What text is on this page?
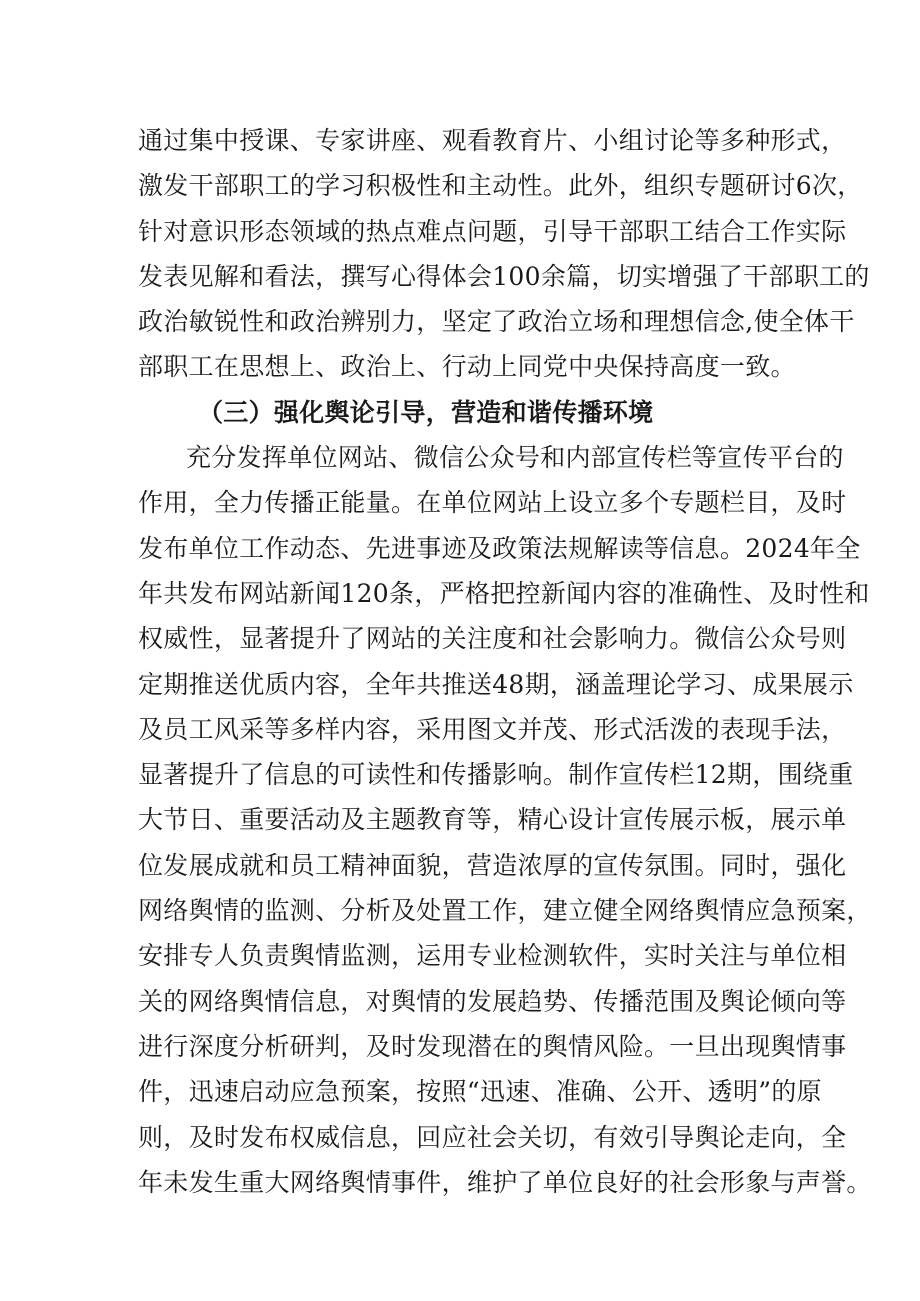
通过集中授课、专家讲座、观看教育片、小组讨论等多种形式，
激发干部职工的学习积极性和主动性。此外，组织专题研讨6次，
针对意识形态领域的热点难点问题，引导干部职工结合工作实际
发表见解和看法，撰写心得体会100余篇，切实增强了干部职工的
政治敏锐性和政治辨别力，坚定了政治立场和理想信念,使全体干
部职工在思想上、政治上、行动上同党中央保持高度一致。
（三）强化舆论引导，营造和谐传播环境
充分发挥单位网站、微信公众号和内部宣传栏等宣传平台的
作用，全力传播正能量。在单位网站上设立多个专题栏目，及时
发布单位工作动态、先进事迹及政策法规解读等信息。2024年全
年共发布网站新闻120条，严格把控新闻内容的准确性、及时性和
权威性，显著提升了网站的关注度和社会影响力。微信公众号则
定期推送优质内容，全年共推送48期，涵盖理论学习、成果展示
及员工风采等多样内容，采用图文并茂、形式活泼的表现手法，
显著提升了信息的可读性和传播影响。制作宣传栏12期，围绕重
大节日、重要活动及主题教育等，精心设计宣传展示板，展示单
位发展成就和员工精神面貌，营造浓厚的宣传氛围。同时，强化
网络舆情的监测、分析及处置工作，建立健全网络舆情应急预案，
安排专人负责舆情监测，运用专业检测软件，实时关注与单位相
关的网络舆情信息，对舆情的发展趋势、传播范围及舆论倾向等
进行深度分析研判，及时发现潜在的舆情风险。一旦出现舆情事
件，迅速启动应急预案，按照“迅速、准确、公开、透明”的原
则，及时发布权威信息，回应社会关切，有效引导舆论走向，全
年未发生重大网络舆情事件，维护了单位良好的社会形象与声誉。
